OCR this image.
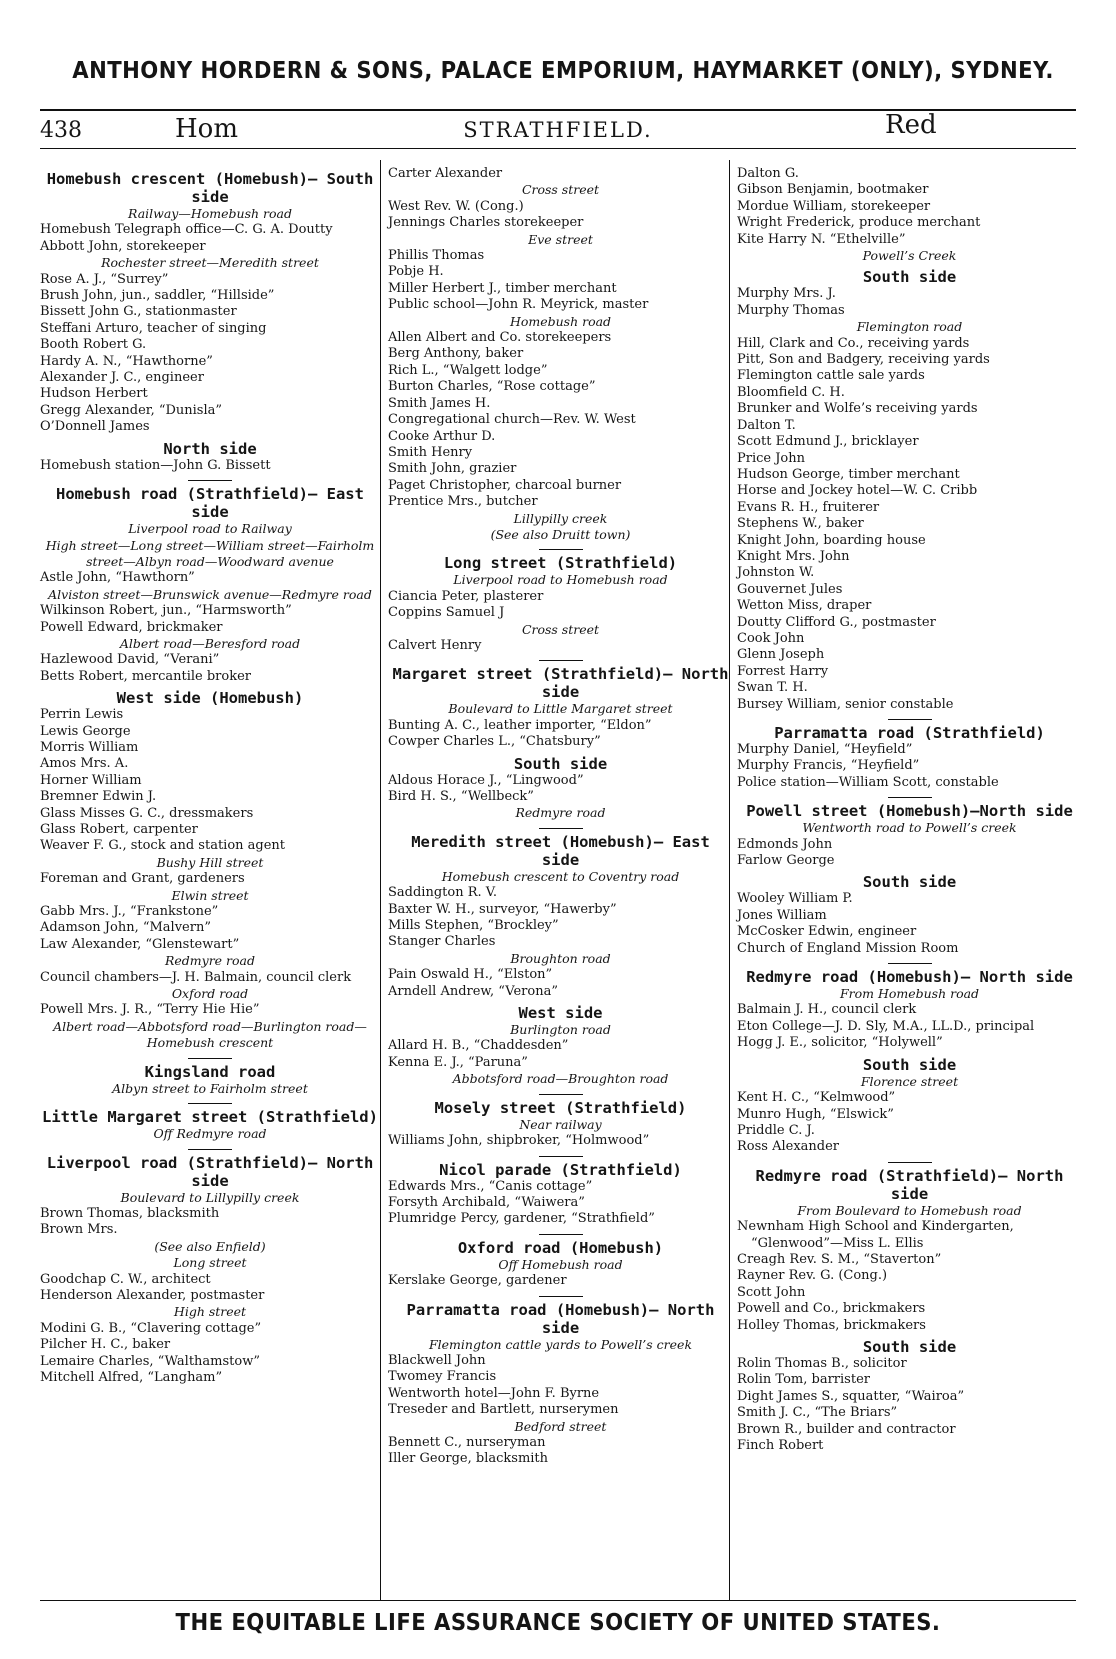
ANTHONY HORDERN & SONS, PALACE EMPORIUM, HAYMARKET (ONLY), SYDNEY.
438	Hom	STRATHFIELD.	Red
Homebush crescent (Homebush)— South side
Railway—Homebush road
Homebush Telegraph office—C. G. A. Doutty
Abbott John, storekeeper
Rochester street—Meredith street
Rose A. J., “Surrey”
Brush John, jun., saddler, “Hillside”
Bissett John G., stationmaster
Steffani Arturo, teacher of singing
Booth Robert G.
Hardy A. N., “Hawthorne”
Alexander J. C., engineer
Hudson Herbert
Gregg Alexander, “Dunisla”
O’Donnell James
North side
Homebush station—John G. Bissett
Homebush road (Strathfield)— East side
Liverpool road to Railway
High street—Long street—William street—Fairholm street—Albyn road—Woodward avenue
Astle John, “Hawthorn”
Alviston street—Brunswick avenue—Redmyre road
Wilkinson Robert, jun., “Harmsworth”
Powell Edward, brickmaker
Albert road—Beresford road
Hazlewood David, “Verani”
Betts Robert, mercantile broker
West side (Homebush)
Perrin Lewis
Lewis George
Morris William
Amos Mrs. A.
Horner William
Bremner Edwin J.
Glass Misses G. C., dressmakers
Glass Robert, carpenter
Weaver F. G., stock and station agent
Bushy Hill street
Foreman and Grant, gardeners
Elwin street
Gabb Mrs. J., “Frankstone”
Adamson John, “Malvern”
Law Alexander, “Glenstewart”
Redmyre road
Council chambers—J. H. Balmain, council clerk
Oxford road
Powell Mrs. J. R., “Terry Hie Hie”
Albert road—Abbotsford road—Burlington road—Homebush crescent
Kingsland road
Albyn street to Fairholm street
Little Margaret street (Strathfield)
Off Redmyre road
Liverpool road (Strathfield)— North side
Boulevard to Lillypilly creek
Brown Thomas, blacksmith
Brown Mrs.
(See also Enfield)
Long street
Goodchap C. W., architect
Henderson Alexander, postmaster
High street
Modini G. B., “Clavering cottage”
Pilcher H. C., baker
Lemaire Charles, “Walthamstow”
Mitchell Alfred, “Langham”
Carter Alexander
Cross street
West Rev. W. (Cong.)
Jennings Charles storekeeper
Eve street
Phillis Thomas
Pobje H.
Miller Herbert J., timber merchant
Public school—John R. Meyrick, master
Homebush road
Allen Albert and Co. storekeepers
Berg Anthony, baker
Rich L., “Walgett lodge”
Burton Charles, “Rose cottage”
Smith James H.
Congregational church—Rev. W. West
Cooke Arthur D.
Smith Henry
Smith John, grazier
Paget Christopher, charcoal burner
Prentice Mrs., butcher
Lillypilly creek
(See also Druitt town)
Long street (Strathfield)
Liverpool road to Homebush road
Ciancia Peter, plasterer
Coppins Samuel J
Cross street
Calvert Henry
Margaret street (Strathfield)— North side
Boulevard to Little Margaret street
Bunting A. C., leather importer, “Eldon”
Cowper Charles L., “Chatsbury”
South side
Aldous Horace J., “Lingwood”
Bird H. S., “Wellbeck”
Redmyre road
Meredith street (Homebush)— East side
Homebush crescent to Coventry road
Saddington R. V.
Baxter W. H., surveyor, “Hawerby”
Mills Stephen, “Brockley”
Stanger Charles
Broughton road
Pain Oswald H., “Elston”
Arndell Andrew, “Verona”
West side
Burlington road
Allard H. B., “Chaddesden”
Kenna E. J., “Paruna”
Abbotsford road—Broughton road
Mosely street (Strathfield)
Near railway
Williams John, shipbroker, “Holmwood”
Nicol parade (Strathfield)
Edwards Mrs., “Canis cottage”
Forsyth Archibald, “Waiwera”
Plumridge Percy, gardener, “Strathfield”
Oxford road (Homebush)
Off Homebush road
Kerslake George, gardener
Parramatta road (Homebush)— North side
Flemington cattle yards to Powell’s creek
Blackwell John
Twomey Francis
Wentworth hotel—John F. Byrne
Treseder and Bartlett, nurserymen
Bedford street
Bennett C., nurseryman
Iller George, blacksmith
Dalton G.
Gibson Benjamin, bootmaker
Mordue William, storekeeper
Wright Frederick, produce merchant
Kite Harry N. “Ethelville”
Powell’s Creek
South side
Murphy Mrs. J.
Murphy Thomas
Flemington road
Hill, Clark and Co., receiving yards
Pitt, Son and Badgery, receiving yards
Flemington cattle sale yards
Bloomfield C. H.
Brunker and Wolfe’s receiving yards
Dalton T.
Scott Edmund J., bricklayer
Price John
Hudson George, timber merchant
Horse and Jockey hotel—W. C. Cribb
Evans R. H., fruiterer
Stephens W., baker
Knight John, boarding house
Knight Mrs. John
Johnston W.
Gouvernet Jules
Wetton Miss, draper
Doutty Clifford G., postmaster
Cook John
Glenn Joseph
Forrest Harry
Swan T. H.
Bursey William, senior constable
Parramatta road (Strathfield)
Murphy Daniel, “Heyfield”
Murphy Francis, “Heyfield”
Police station—William Scott, constable
Powell street (Homebush)—North side
Wentworth road to Powell’s creek
Edmonds John
Farlow George
South side
Wooley William P.
Jones William
McCosker Edwin, engineer
Church of England Mission Room
Redmyre road (Homebush)— North side
From Homebush road
Balmain J. H., council clerk
Eton College—J. D. Sly, M.A., LL.D., principal
Hogg J. E., solicitor, “Holywell”
South side
Florence street
Kent H. C., “Kelmwood”
Munro Hugh, “Elswick”
Priddle C. J.
Ross Alexander
Redmyre road (Strathfield)— North side
From Boulevard to Homebush road
Newnham High School and Kindergarten, “Glenwood”—Miss L. Ellis
Creagh Rev. S. M., “Staverton”
Rayner Rev. G. (Cong.)
Scott John
Powell and Co., brickmakers
Holley Thomas, brickmakers
South side
Rolin Thomas B., solicitor
Rolin Tom, barrister
Dight James S., squatter, “Wairoa”
Smith J. C., “The Briars”
Brown R., builder and contractor
Finch Robert
THE EQUITABLE LIFE ASSURANCE SOCIETY OF UNITED STATES.
